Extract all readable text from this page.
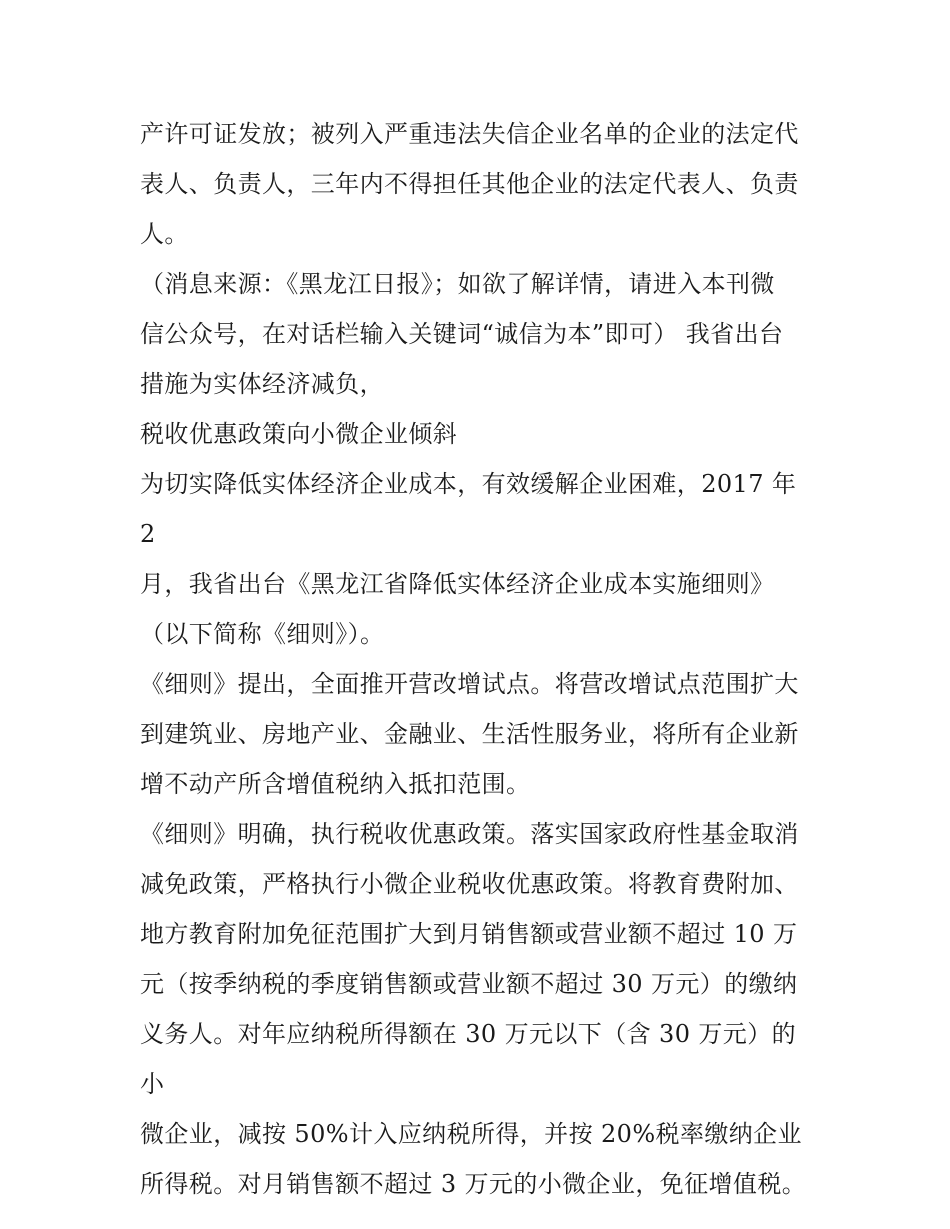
产许可证发放；被列入严重违法失信企业名单的企业的法定代
表人、负责人，三年内不得担任其他企业的法定代表人、负责
人。

（消息来源：《黑龙江日报》；如欲了解详情，请进入本刊微
信公众号，在对话栏输入关键词“诚信为本”即可） 我省出台
措施为实体经济减负，

税收优惠政策向小微企业倾斜

为切实降低实体经济企业成本，有效缓解企业困难，2017 年 2
月，我省出台《黑龙江省降低实体经济企业成本实施细则》
（以下简称《细则》）。

《细则》提出，全面推开营改增试点。将营改增试点范围扩大
到建筑业、房地产业、金融业、生活性服务业，将所有企业新
增不动产所含增值税纳入抵扣范围。

《细则》明确，执行税收优惠政策。落实国家政府性基金取消
减免政策，严格执行小微企业税收优惠政策。将教育费附加、
地方教育附加免征范围扩大到月销售额或营业额不超过 10 万
元（按季纳税的季度销售额或营业额不超过 30 万元）的缴纳
义务人。对年应纳税所得额在 30 万元以下（含 30 万元）的小
微企业，减按 50%计入应纳税所得，并按 20%税率缴纳企业
所得税。对月销售额不超过 3 万元的小微企业，免征增值税。
